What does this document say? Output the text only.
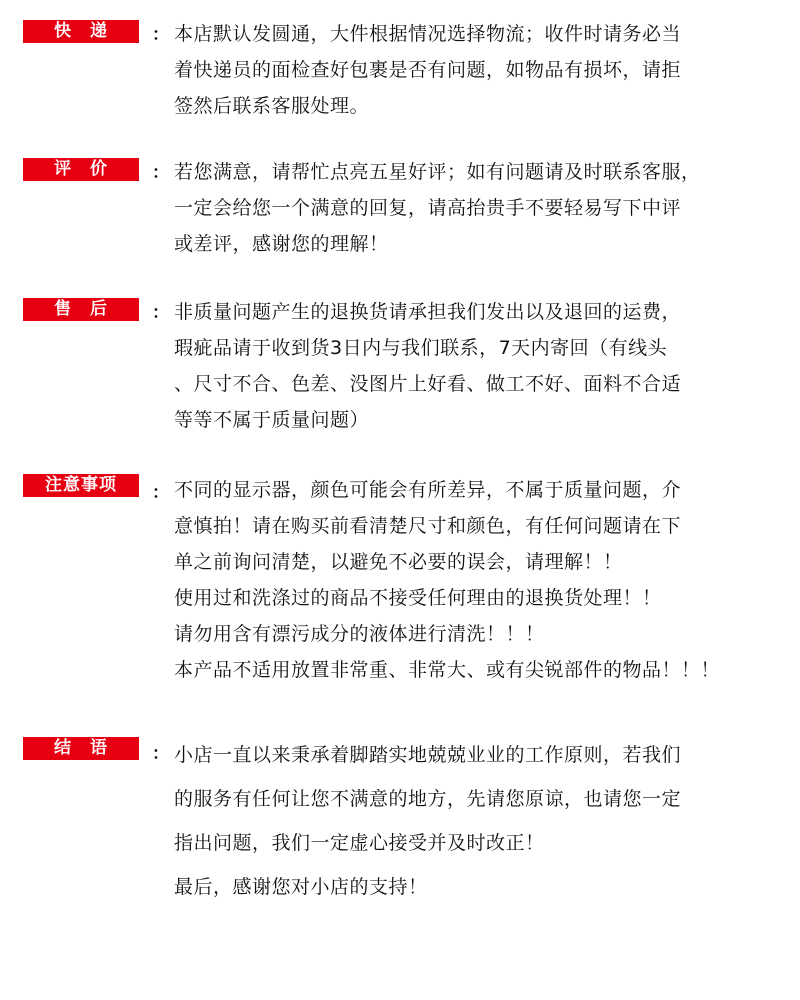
快　递	： 本店默认发圆通，大件根据情况选择物流；收件时请务必当
着快递员的面检查好包裹是否有问题，如物品有损坏，请拒
签然后联系客服处理。
评　价	： 若您满意，请帮忙点亮五星好评；如有问题请及时联系客服，
一定会给您一个满意的回复，请高抬贵手不要轻易写下中评
或差评，感谢您的理解！
售　后	： 非质量问题产生的退换货请承担我们发出以及退回的运费，
瑕疵品请于收到货3日内与我们联系，7天内寄回（有线头
、尺寸不合、色差、没图片上好看、做工不好、面料不合适
等等不属于质量问题）
注意事项	： 不同的显示器，颜色可能会有所差异，不属于质量问题，介
意慎拍！请在购买前看清楚尺寸和颜色，有任何问题请在下
单之前询问清楚，以避免不必要的误会，请理解！！
使用过和洗涤过的商品不接受任何理由的退换货处理！！
请勿用含有漂污成分的液体进行清洗！！！
本产品不适用放置非常重、非常大、或有尖锐部件的物品！！！
结　语	： 小店一直以来秉承着脚踏实地兢兢业业的工作原则，若我们
的服务有任何让您不满意的地方，先请您原谅，也请您一定
指出问题，我们一定虚心接受并及时改正！
最后，感谢您对小店的支持！
